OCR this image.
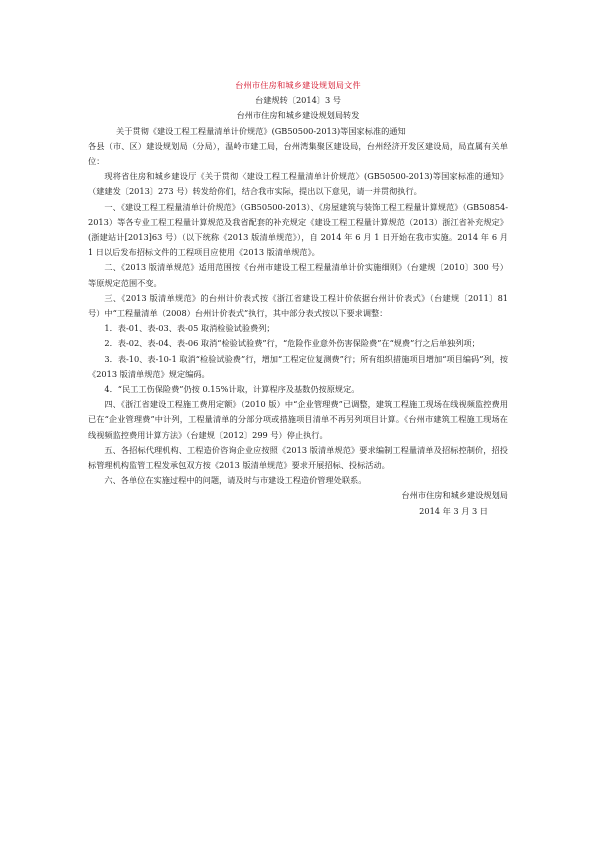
台州市住房和城乡建设规划局文件
台建规转〔2014〕3 号
台州市住房和城乡建设规划局转发
关于贯彻《建设工程工程量清单计价规范》(GB50500-2013)等国家标准的通知
各县（市、区）建设规划局（分局），温岭市建工局，台州湾集聚区建设局，台州经济开发区建设局，局直属有关单位：
现将省住房和城乡建设厅《关于贯彻〈建设工程工程量清单计价规范〉(GB50500-2013)等国家标准的通知》（建建发〔2013〕273 号）转发给你们，结合我市实际，提出以下意见，请一并贯彻执行。
一、《建设工程工程量清单计价规范》（GB50500-2013）、《房屋建筑与装饰工程工程量计算规范》（GB50854-2013）等各专业工程工程量计算规范及我省配套的补充规定《建设工程工程量计算规范（2013）浙江省补充规定》(浙建站计[2013]63 号）（以下统称《2013 版清单规范》），自 2014 年 6 月 1 日开始在我市实施。2014 年 6 月 1 日以后发布招标文件的工程项目应使用《2013 版清单规范》。
二、《2013 版清单规范》适用范围按《台州市建设工程工程量清单计价实施细则》（台建规〔2010〕300 号）等原规定范围不变。
三、《2013 版清单规范》的台州计价表式按《浙江省建设工程计价依据台州计价表式》（台建规〔2011〕81 号）中“工程量清单（2008）台州计价表式”执行，其中部分表式按以下要求调整：
1．表-01、表-03、表-05 取消检验试验费列；
2．表-02、表-04、表-06 取消“检验试验费”行，“危险作业意外伤害保险费”在“规费”行之后单独列项；
3．表-10、表-10-1 取消“检验试验费”行，增加“工程定位复测费”行；所有组织措施项目增加“项目编码”列，按《2013 版清单规范》规定编码。
4．“民工工伤保险费”仍按 0.15%计取，计算程序及基数仍按原规定。
四、《浙江省建设工程施工费用定额》（2010 版）中“企业管理费”已调整，建筑工程施工现场在线视频监控费用已在“企业管理费”中计列，工程量清单的分部分项或措施项目清单不再另列项目计算。《台州市建筑工程施工现场在线视频监控费用计算方法》（台建规〔2012〕299 号）停止执行。
五、各招标代理机构、工程造价咨询企业应按照《2013 版清单规范》要求编制工程量清单及招标控制价，招投标管理机构监管工程发承包双方按《2013 版清单规范》要求开展招标、投标活动。
六、各单位在实施过程中的问题，请及时与市建设工程造价管理处联系。
台州市住房和城乡建设规划局
2014 年 3 月 3 日
